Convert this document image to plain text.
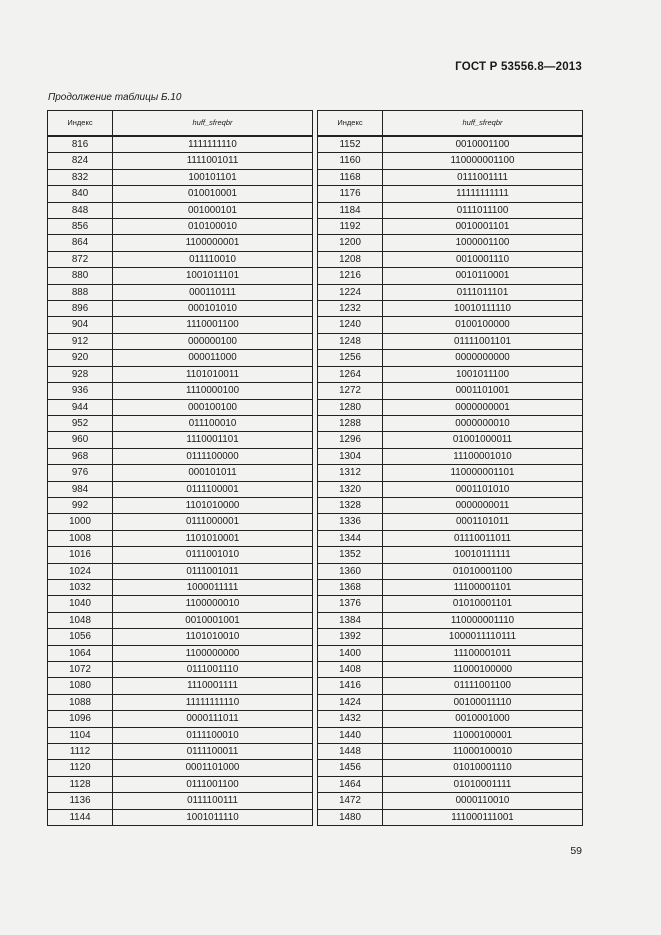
ГОСТ Р 53556.8—2013
Продолжение таблицы Б.10
Индекс	huff_sfreqbr
816	1111111110
824	1111001011
832	100101101
840	010010001
848	001000101
856	010100010
864	1100000001
872	011110010
880	1001011101
888	000110111
896	000101010
904	1110001100
912	000000100
920	000011000
928	1101010011
936	1110000100
944	000100100
952	011100010
960	1110001101
968	0111100000
976	000101011
984	0111100001
992	1101010000
1000	0111000001
1008	1101010001
1016	0111001010
1024	0111001011
1032	1000011111
1040	1100000010
1048	0010001001
1056	1101010010
1064	1100000000
1072	0111001110
1080	1110001111
1088	11111111110
1096	0000111011
1104	0111100010
1112	0111100011
1120	0001101000
1128	0111001100
1136	0111100111
1144	1001011110
Индекс	huff_sfreqbr
1152	0010001100
1160	110000001100
1168	0111001111
1176	11111111111
1184	0111011100
1192	0010001101
1200	1000001100
1208	0010001110
1216	0010110001
1224	0111011101
1232	10010111110
1240	0100100000
1248	01111001101
1256	0000000000
1264	1001011100
1272	0001101001
1280	0000000001
1288	0000000010
1296	01001000011
1304	11100001010
1312	110000001101
1320	0001101010
1328	0000000011
1336	0001101011
1344	01110011011
1352	10010111111
1360	01010001100
1368	11100001101
1376	01010001101
1384	110000001110
1392	1000011110111
1400	11100001011
1408	11000100000
1416	01111001100
1424	00100011110
1432	0010001000
1440	11000100001
1448	11000100010
1456	01010001110
1464	01010001111
1472	0000110010
1480	111000111001
59
